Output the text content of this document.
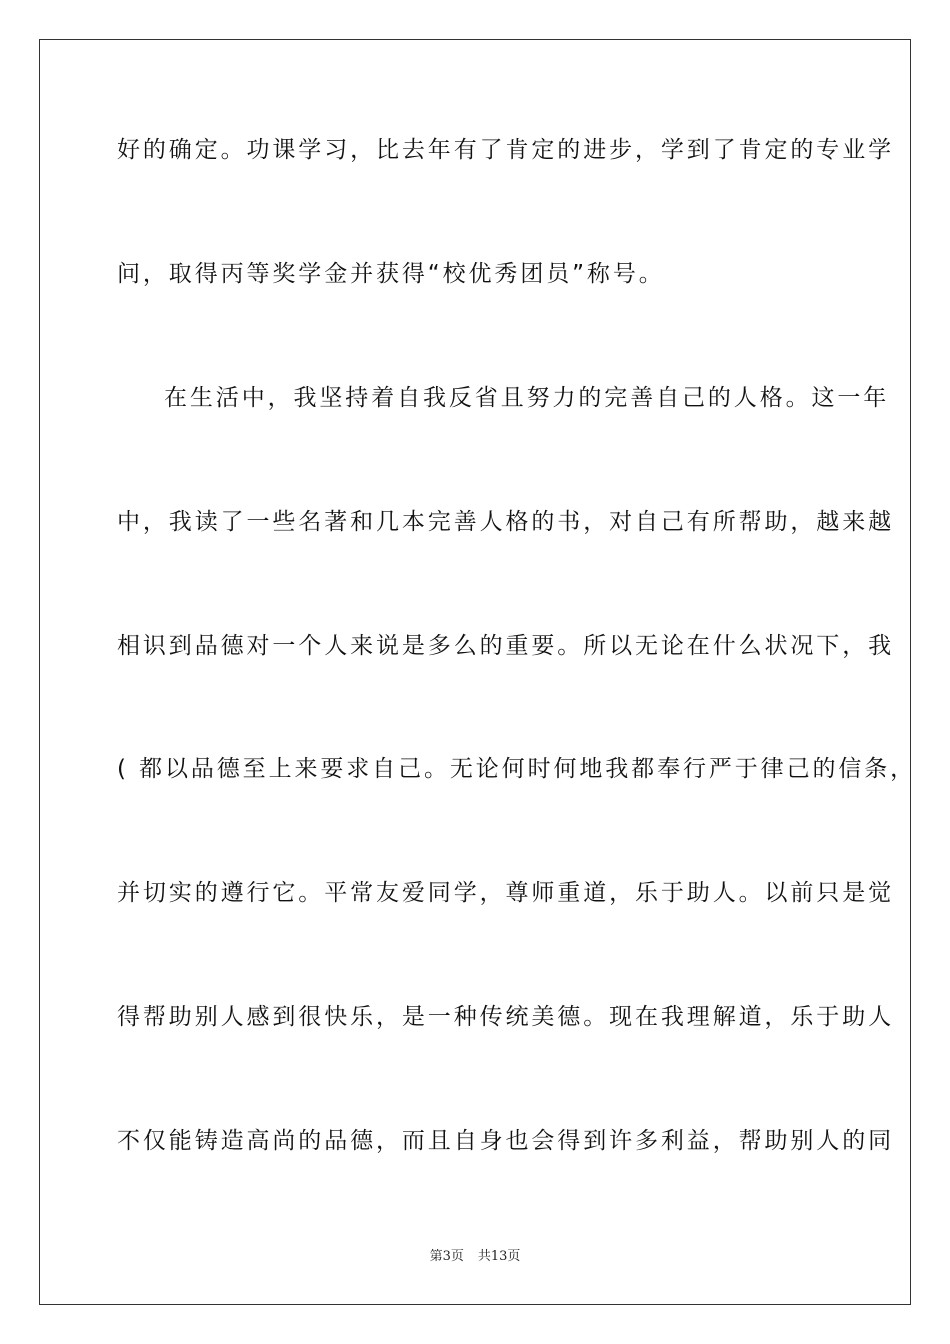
好的确定。功课学习，比去年有了肯定的进步，学到了肯定的专业学
问，取得丙等奖学金并获得“校优秀团员”称号。
在生活中，我坚持着自我反省且努力的完善自己的人格。这一年
中，我读了一些名著和几本完善人格的书，对自己有所帮助，越来越
相识到品德对一个人来说是多么的重要。所以无论在什么状况下，我
( 都以品德至上来要求自己。无论何时何地我都奉行严于律己的信条，
并切实的遵行它。平常友爱同学，尊师重道，乐于助人。以前只是觉
得帮助别人感到很快乐，是一种传统美德。现在我理解道，乐于助人
不仅能铸造高尚的品德，而且自身也会得到许多利益，帮助别人的同
第3页 共13页
